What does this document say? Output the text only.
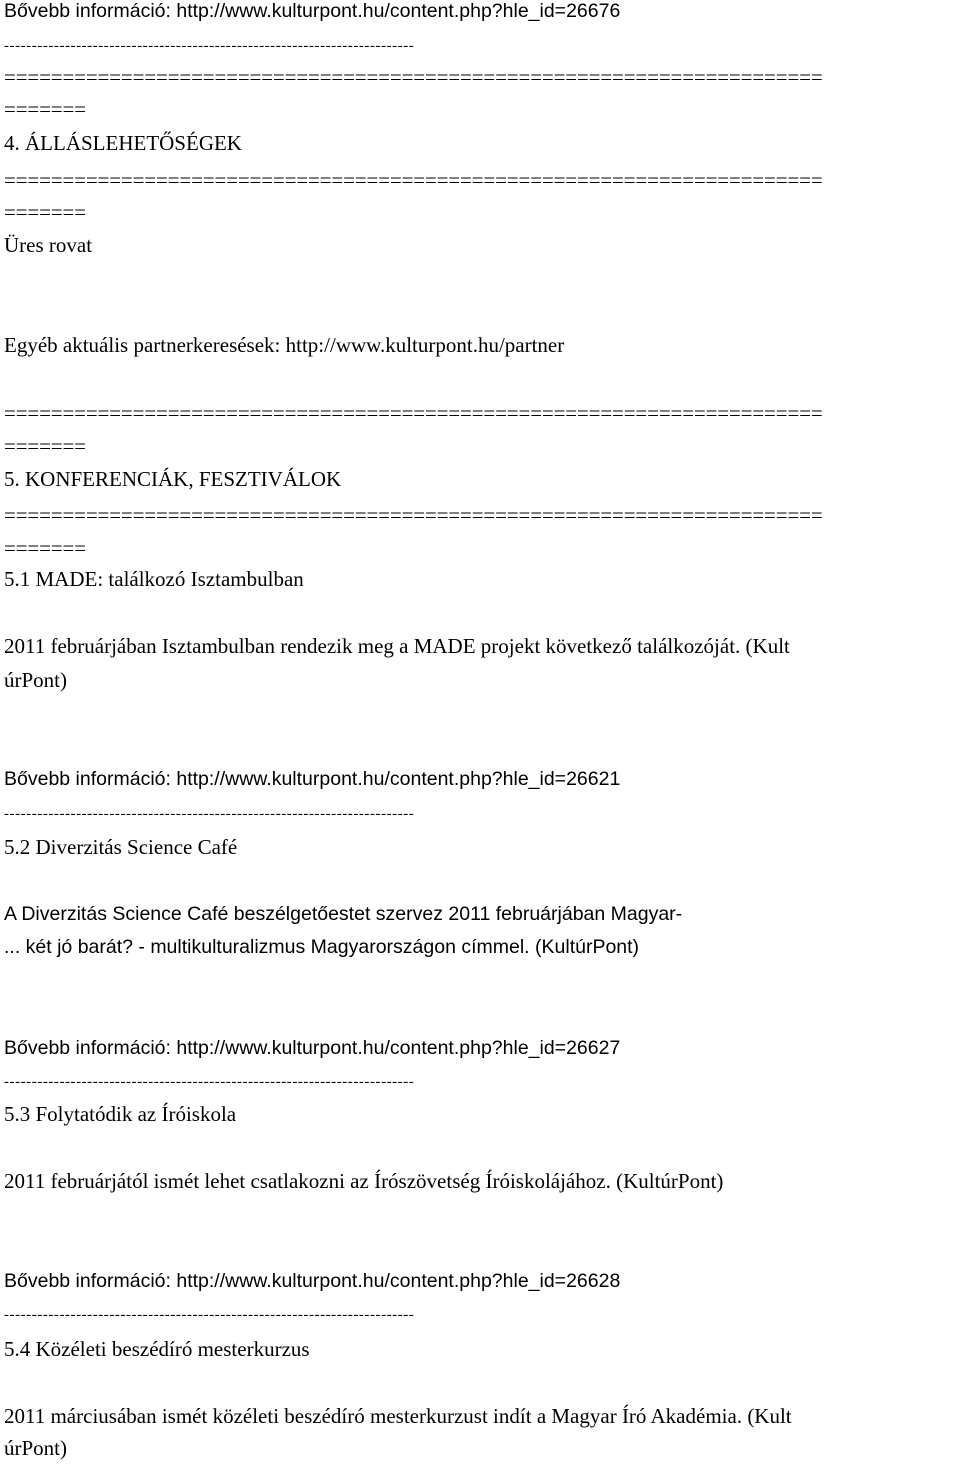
Bővebb információ: http://www.kulturpont.hu/content.php?hle_id=26676
--------------------------------------------------------------------------
======================================================================
=======
4. ÁLLÁSLEHETŐSÉGEK
======================================================================
=======
Üres rovat
Egyéb aktuális partnerkeresések: http://www.kulturpont.hu/partner
======================================================================
=======
5. KONFERENCIÁK, FESZTIVÁLOK
======================================================================
=======
5.1 MADE: találkozó Isztambulban
2011 februárjában Isztambulban rendezik meg a MADE projekt következő találkozóját. (Kult
úrPont)
Bővebb információ: http://www.kulturpont.hu/content.php?hle_id=26621
--------------------------------------------------------------------------
5.2 Diverzitás Science Café
A Diverzitás Science Café beszélgetőestet szervez 2011 februárjában Magyar-
... két jó barát? - multikulturalizmus Magyarországon címmel. (KultúrPont)
Bővebb információ: http://www.kulturpont.hu/content.php?hle_id=26627
--------------------------------------------------------------------------
5.3 Folytatódik az Íróiskola
2011 februárjától ismét lehet csatlakozni az Írószövetség Íróiskolájához. (KultúrPont)
Bővebb információ: http://www.kulturpont.hu/content.php?hle_id=26628
--------------------------------------------------------------------------
5.4 Közéleti beszédíró mesterkurzus
2011 márciusában ismét közéleti beszédíró mesterkurzust indít a Magyar Író Akadémia. (Kult
úrPont)
